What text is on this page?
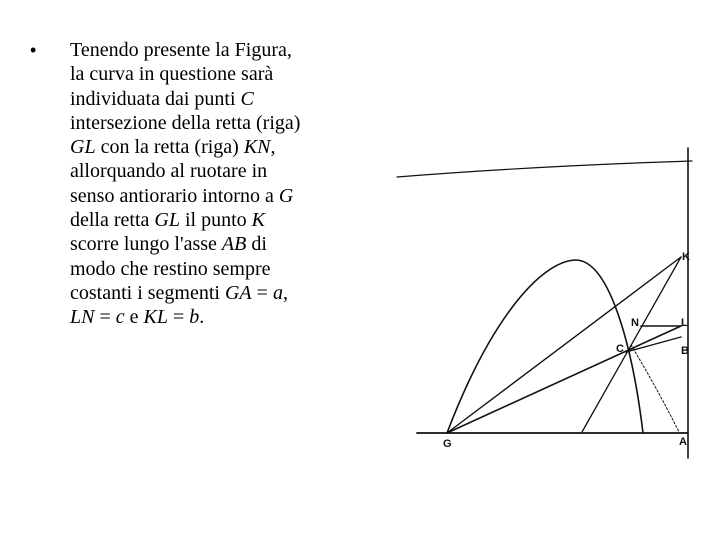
• Tenendo presente la Figura,
la curva in questione sarà
individuata dai punti C
intersezione della retta (riga)
GL con la retta (riga) KN,
allorquando al ruotare in
senso antiorario intorno a G
della retta GL il punto K
scorre lungo l'asse AB di
modo che restino sempre
costanti i segmenti GA = a,
LN = c e KL = b.
G	A
B
C
K
L
N
